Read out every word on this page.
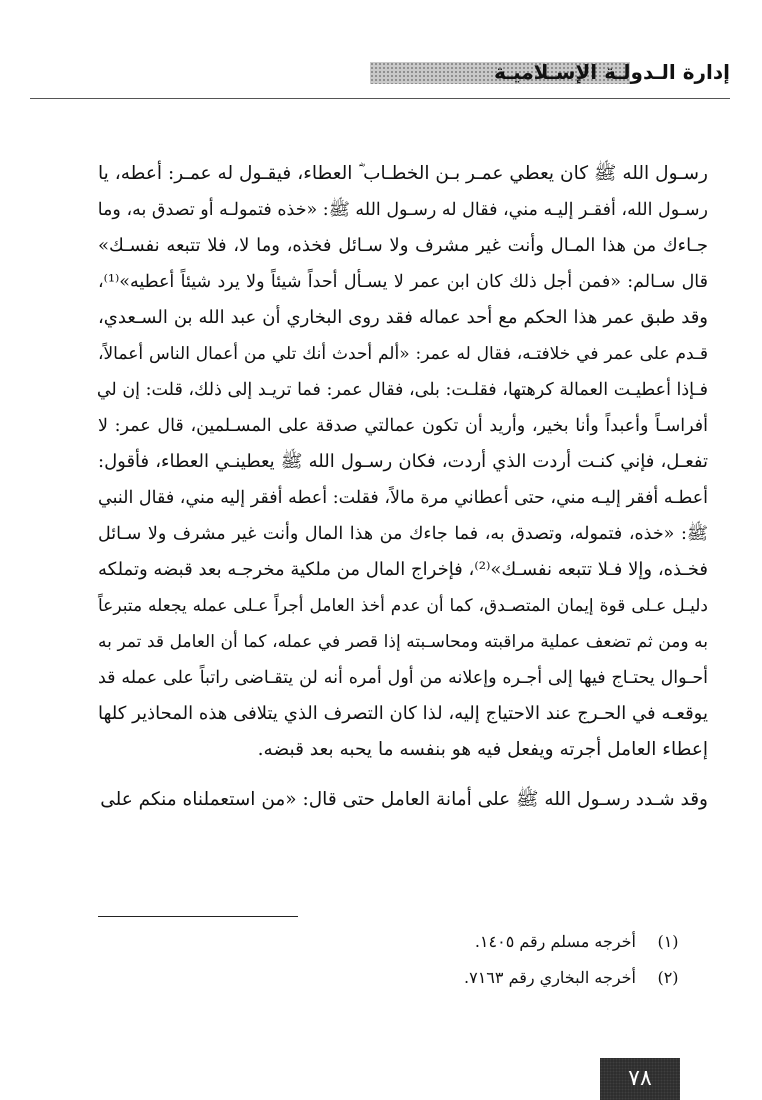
إدارة الـدولـة الإسـلاميـة
رسـول الله ﷺ كان يعطي عمـر بـن الخطـاب ؓ العطاء، فيقـول له عمـر: أعطه، يا
رسـول الله، أفقـر إليـه مني، فقال له رسـول الله ﷺ: «خذه فتمولـه أو تصدق به، وما
جـاءك من هذا المـال وأنت غير مشرف ولا سـائل فخذه، وما لا، فلا تتبعه نفسـك»
قال سـالم: «فمن أجل ذلك كان ابن عمر لا يسـأل أحداً شيئاً ولا يرد شيئاً أعطيه»⁽¹⁾،
وقد طبق عمر هذا الحكم مع أحد عماله فقد روى البخاري أن عبد الله بن السـعدي،
قـدم على عمر في خلافتـه، فقال له عمر: «ألم أحدث أنك تلي من أعمال الناس أعمالاً،
فـإذا أعطيـت العمالة كرهتها، فقلـت: بلى، فقال عمر: فما تريـد إلى ذلك، قلت: إن لي
أفراسـاً وأعبداً وأنا بخير، وأريد أن تكون عمالتي صدقة على المسـلمين، قال عمر: لا
تفعـل، فإني كنـت أردت الذي أردت، فكان رسـول الله ﷺ يعطينـي العطاء، فأقول:
أعطـه أفقر إليـه مني، حتى أعطاني مرة مالاً، فقلت: أعطه أفقر إليه مني، فقال النبي
ﷺ: «خذه، فتموله، وتصدق به، فما جاءك من هذا المال وأنت غير مشرف ولا سـائل
فخـذه، وإلا فـلا تتبعه نفسـك»⁽²⁾، فإخراج المال من ملكية مخرجـه بعد قبضه وتملكه
دليـل عـلى قوة إيمان المتصـدق، كما أن عدم أخذ العامل أجراً عـلى عمله يجعله متبرعاً
به ومن ثم تضعف عملية مراقبته ومحاسـبته إذا قصر في عمله، كما أن العامل قد تمر به
أحـوال يحتـاج فيها إلى أجـره وإعلانه من أول أمره أنه لن يتقـاضى راتباً على عمله قد
يوقعـه في الحـرج عند الاحتياج إليه، لذا كان التصرف الذي يتلافى هذه المحاذير كلها
إعطاء العامل أجرته ويفعل فيه هو بنفسه ما يحبه بعد قبضه.
وقد شـدد رسـول الله ﷺ على أمانة العامل حتى قال: «من استعملناه منكم على
(١)
أخرجه مسلم رقم ١٤٠٥.
(٢)
أخرجه البخاري رقم ٧١٦٣.
٧٨
